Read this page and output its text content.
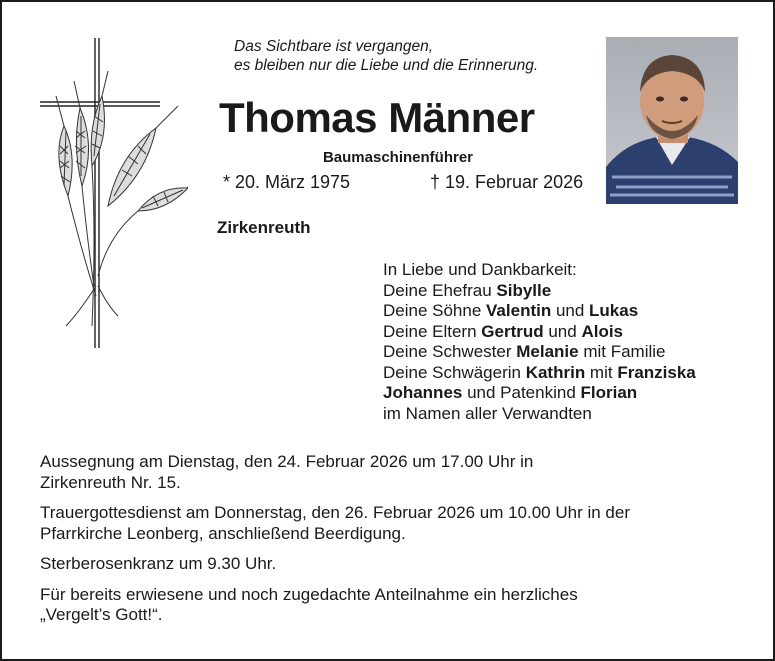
Das Sichtbare ist vergangen,
es bleiben nur die Liebe und die Erinnerung.
Thomas Männer
Baumaschinenführer
* 20. März 1975	† 19. Februar 2026
Zirkenreuth
In Liebe und Dankbarkeit:
Deine Ehefrau Sibylle
Deine Söhne Valentin und Lukas
Deine Eltern Gertrud und Alois
Deine Schwester Melanie mit Familie
Deine Schwägerin Kathrin mit Franziska
Johannes und Patenkind Florian
im Namen aller Verwandten

Aussegnung am Dienstag, den 24. Februar 2026 um 17.00 Uhr in
Zirkenreuth Nr. 15.

Trauergottesdienst am Donnerstag, den 26. Februar 2026 um 10.00 Uhr in der
Pfarrkirche Leonberg, anschließend Beerdigung.

Sterberosenkranz um 9.30 Uhr.

Für bereits erwiesene und noch zugedachte Anteilnahme ein herzliches
„Vergelt’s Gott!“.
